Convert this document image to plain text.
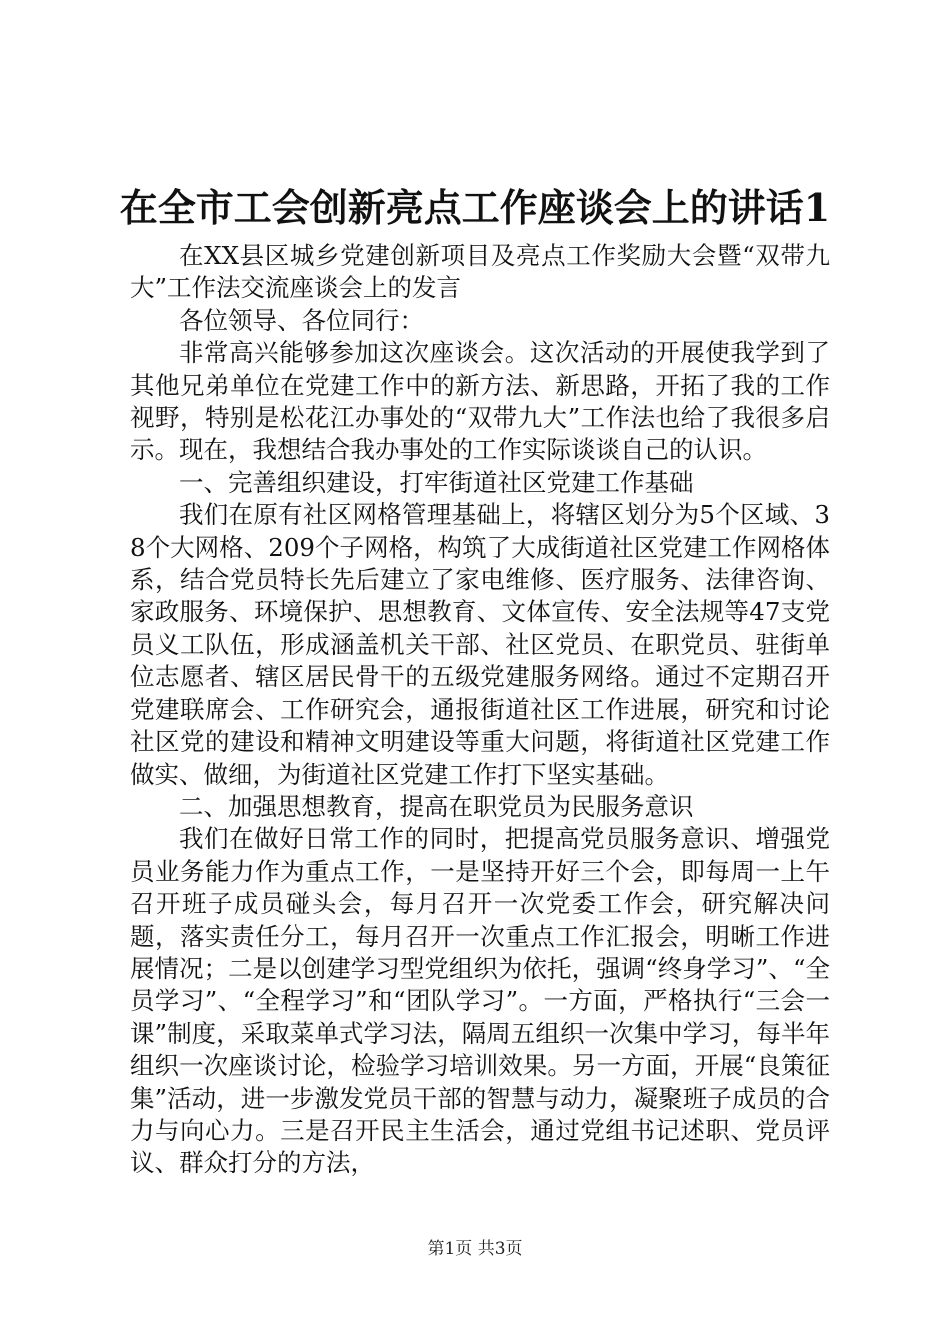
在全市工会创新亮点工作座谈会上的讲话1

在XX县区城乡党建创新项目及亮点工作奖励大会暨“双带九大”工作法交流座谈会上的发言

各位领导、各位同行：

非常高兴能够参加这次座谈会。这次活动的开展使我学到了其他兄弟单位在党建工作中的新方法、新思路，开拓了我的工作视野，特别是松花江办事处的“双带九大”工作法也给了我很多启示。现在，我想结合我办事处的工作实际谈谈自己的认识。

一、完善组织建设，打牢街道社区党建工作基础

我们在原有社区网格管理基础上，将辖区划分为5个区域、38个大网格、209个子网格，构筑了大成街道社区党建工作网格体系，结合党员特长先后建立了家电维修、医疗服务、法律咨询、家政服务、环境保护、思想教育、文体宣传、安全法规等47支党员义工队伍，形成涵盖机关干部、社区党员、在职党员、驻街单位志愿者、辖区居民骨干的五级党建服务网络。通过不定期召开党建联席会、工作研究会，通报街道社区工作进展，研究和讨论社区党的建设和精神文明建设等重大问题，将街道社区党建工作做实、做细，为街道社区党建工作打下坚实基础。

二、加强思想教育，提高在职党员为民服务意识

我们在做好日常工作的同时，把提高党员服务意识、增强党员业务能力作为重点工作，一是坚持开好三个会，即每周一上午召开班子成员碰头会，每月召开一次党委工作会，研究解决问题，落实责任分工，每月召开一次重点工作汇报会，明晰工作进展情况；二是以创建学习型党组织为依托，强调“终身学习”、“全员学习”、“全程学习”和“团队学习”。一方面，严格执行“三会一课”制度，采取菜单式学习法，隔周五组织一次集中学习，每半年组织一次座谈讨论，检验学习培训效果。另一方面，开展“良策征集”活动，进一步激发党员干部的智慧与动力，凝聚班子成员的合力与向心力。三是召开民主生活会，通过党组书记述职、党员评议、群众打分的方法，

第1页 共3页
